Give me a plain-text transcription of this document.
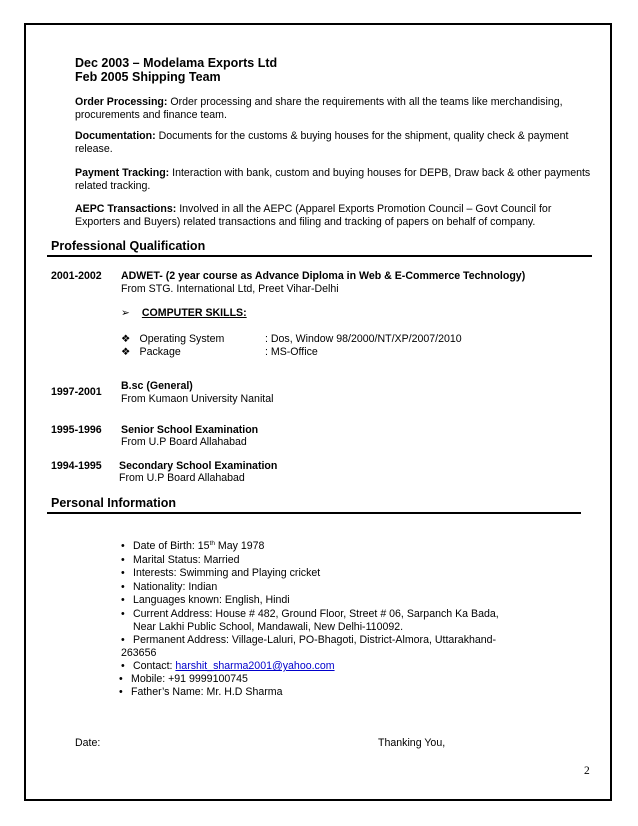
Dec 2003 – Modelama Exports Ltd
Feb 2005 Shipping Team
Order Processing: Order processing and share the requirements with all the teams like merchandising, procurements and finance team.
Documentation: Documents for the customs & buying houses for the shipment, quality check & payment release.
Payment Tracking: Interaction with bank, custom and buying houses for DEPB, Draw back & other payments related tracking.
AEPC Transactions: Involved in all the AEPC (Apparel Exports Promotion Council – Govt Council for Exporters and Buyers) related transactions and filing and tracking of papers on behalf of company.
Professional Qualification
2001-2002 ADWET- (2 year course as Advance Diploma in Web & E-Commerce Technology)
From STG. International Ltd, Preet Vihar-Delhi
➢ COMPUTER SKILLS:
❖ Operating System	: Dos, Window 98/2000/NT/XP/2007/2010
❖ Package	: MS-Office
1997-2001 B.sc (General)
From Kumaon University Nanital
1995-1996 Senior School Examination
From U.P Board Allahabad
1994-1995 Secondary School Examination
From U.P Board Allahabad
Personal Information
• Date of Birth: 15th May 1978
• Marital Status: Married
• Interests: Swimming and Playing cricket
• Nationality: Indian
• Languages known: English, Hindi
• Current Address: House # 482, Ground Floor, Street # 06, Sarpanch Ka Bada,
Near Lakhi Public School, Mandawali, New Delhi-110092.
• Permanent Address: Village-Laluri, PO-Bhagoti, District-Almora, Uttarakhand-
263656
• Contact: harshit_sharma2001@yahoo.com
• Mobile: +91 9999100745
• Father’s Name: Mr. H.D Sharma
Date:	Thanking You,
2
